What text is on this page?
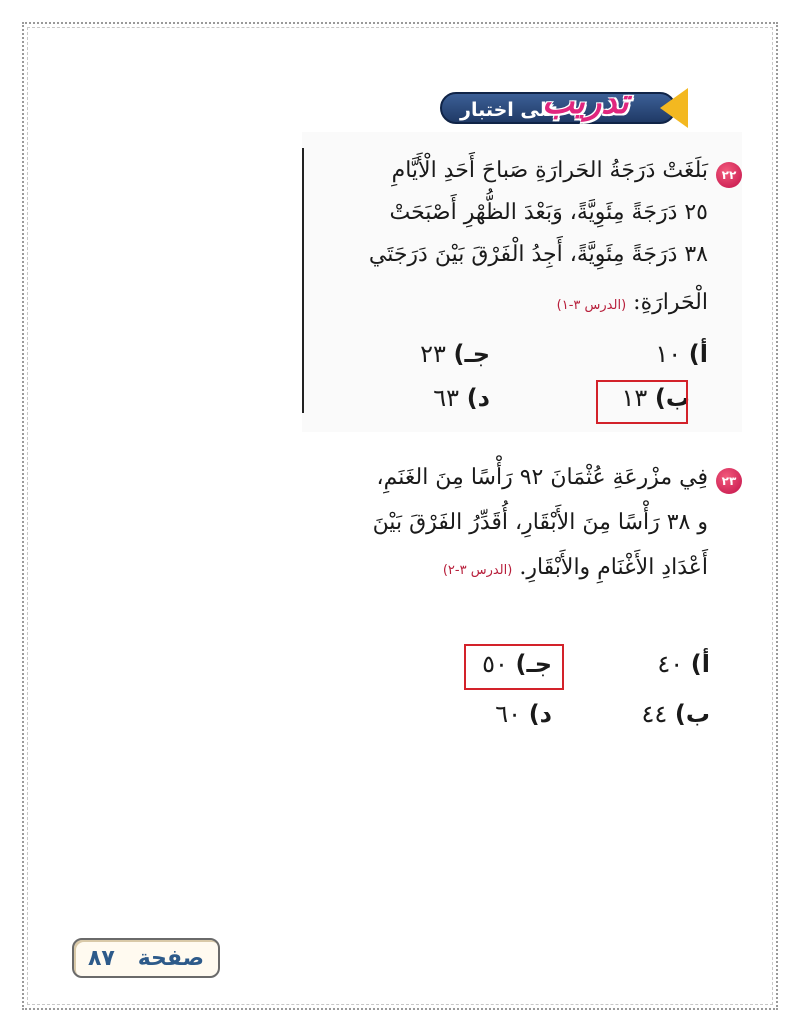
على اختبار
تدريب
٢٢
بَلَغَتْ دَرَجَةُ الحَرارَةِ صَباحَ أَحَدِ الْأَيَّامِ
٢٥ دَرَجَةً مِئَوِيَّةً، وَبَعْدَ الظُّهْرِ أَصْبَحَتْ
٣٨ دَرَجَةً مِئَوِيَّةً، أَجِدُ الْفَرْقَ بَيْنَ دَرَجَتَي
الْحَرارَةِ: (الدرس ٣-١)
أ) ١٠
جـ) ٢٣
ب) ١٣
د) ٦٣
٢٣
فِي مزْرعَةِ عُثْمَانَ ٩٢ رَأْسًا مِنَ الغَنَمِ،
و ٣٨ رَأْسًا مِنَ الأَبْقَارِ، أُقَدِّرُ الفَرْقَ بَيْنَ
أَعْدَادِ الأَغْنَامِ والأَبْقَارِ. (الدرس ٣-٢)
أ) ٤٠
جـ) ٥٠
ب) ٤٤
د) ٦٠
صفحة
٨٧
